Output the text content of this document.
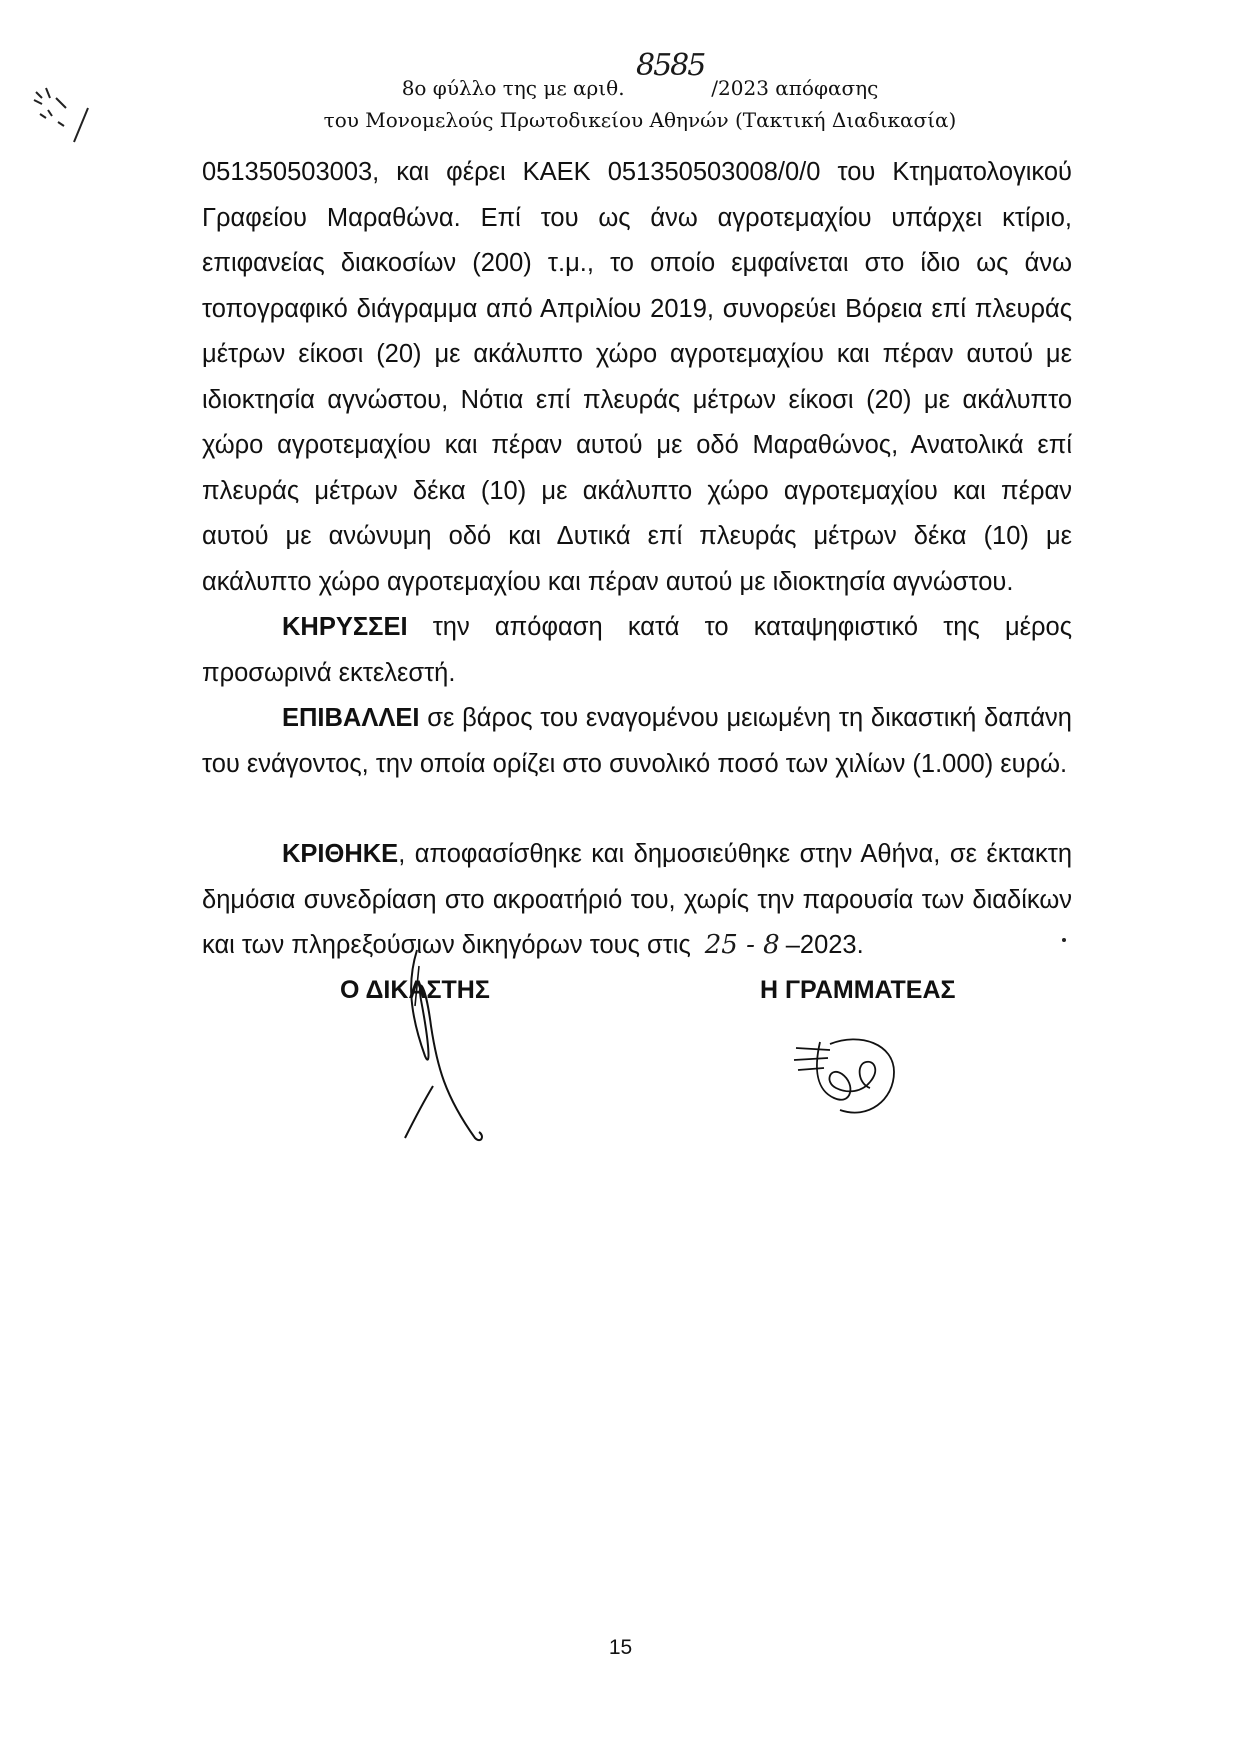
8585
8ο φύλλο της με αριθ.	/2023 απόφασης
του Μονομελούς Πρωτοδικείου Αθηνών (Τακτική Διαδικασία)

051350503003, και φέρει ΚΑΕΚ 051350503008/0/0 του Κτηματολογικού Γραφείου Μαραθώνα. Επί του ως άνω αγροτεμαχίου υπάρχει κτίριο, επιφανείας διακοσίων (200) τ.μ., το οποίο εμφαίνεται στο ίδιο ως άνω τοπογραφικό διάγραμμα από Απριλίου 2019, συνορεύει Βόρεια επί πλευράς μέτρων είκοσι (20) με ακάλυπτο χώρο αγροτεμαχίου και πέραν αυτού με ιδιοκτησία αγνώστου, Νότια επί πλευράς μέτρων είκοσι (20) με ακάλυπτο χώρο αγροτεμαχίου και πέραν αυτού με οδό Μαραθώνος, Ανατολικά επί πλευράς μέτρων δέκα (10) με ακάλυπτο χώρο αγροτεμαχίου και πέραν αυτού με ανώνυμη οδό και Δυτικά επί πλευράς μέτρων δέκα (10) με ακάλυπτο χώρο αγροτεμαχίου και πέραν αυτού με ιδιοκτησία αγνώστου.

ΚΗΡΥΣΣΕΙ την απόφαση κατά το καταψηφιστικό της μέρος προσωρινά εκτελεστή.

ΕΠΙΒΑΛΛΕΙ σε βάρος του εναγομένου μειωμένη τη δικαστική δαπάνη του ενάγοντος, την οποία ορίζει στο συνολικό ποσό των χιλίων (1.000) ευρώ.

ΚΡΙΘΗΚΕ, αποφασίσθηκε και δημοσιεύθηκε στην Αθήνα, σε έκτακτη δημόσια συνεδρίαση στο ακροατήριό του, χωρίς την παρουσία των διαδίκων και των πληρεξούσιων δικηγόρων τους στις 25 - 8 –2023.

Ο ΔΙΚΑΣΤΗΣ	Η ΓΡΑΜΜΑΤΕΑΣ
15
